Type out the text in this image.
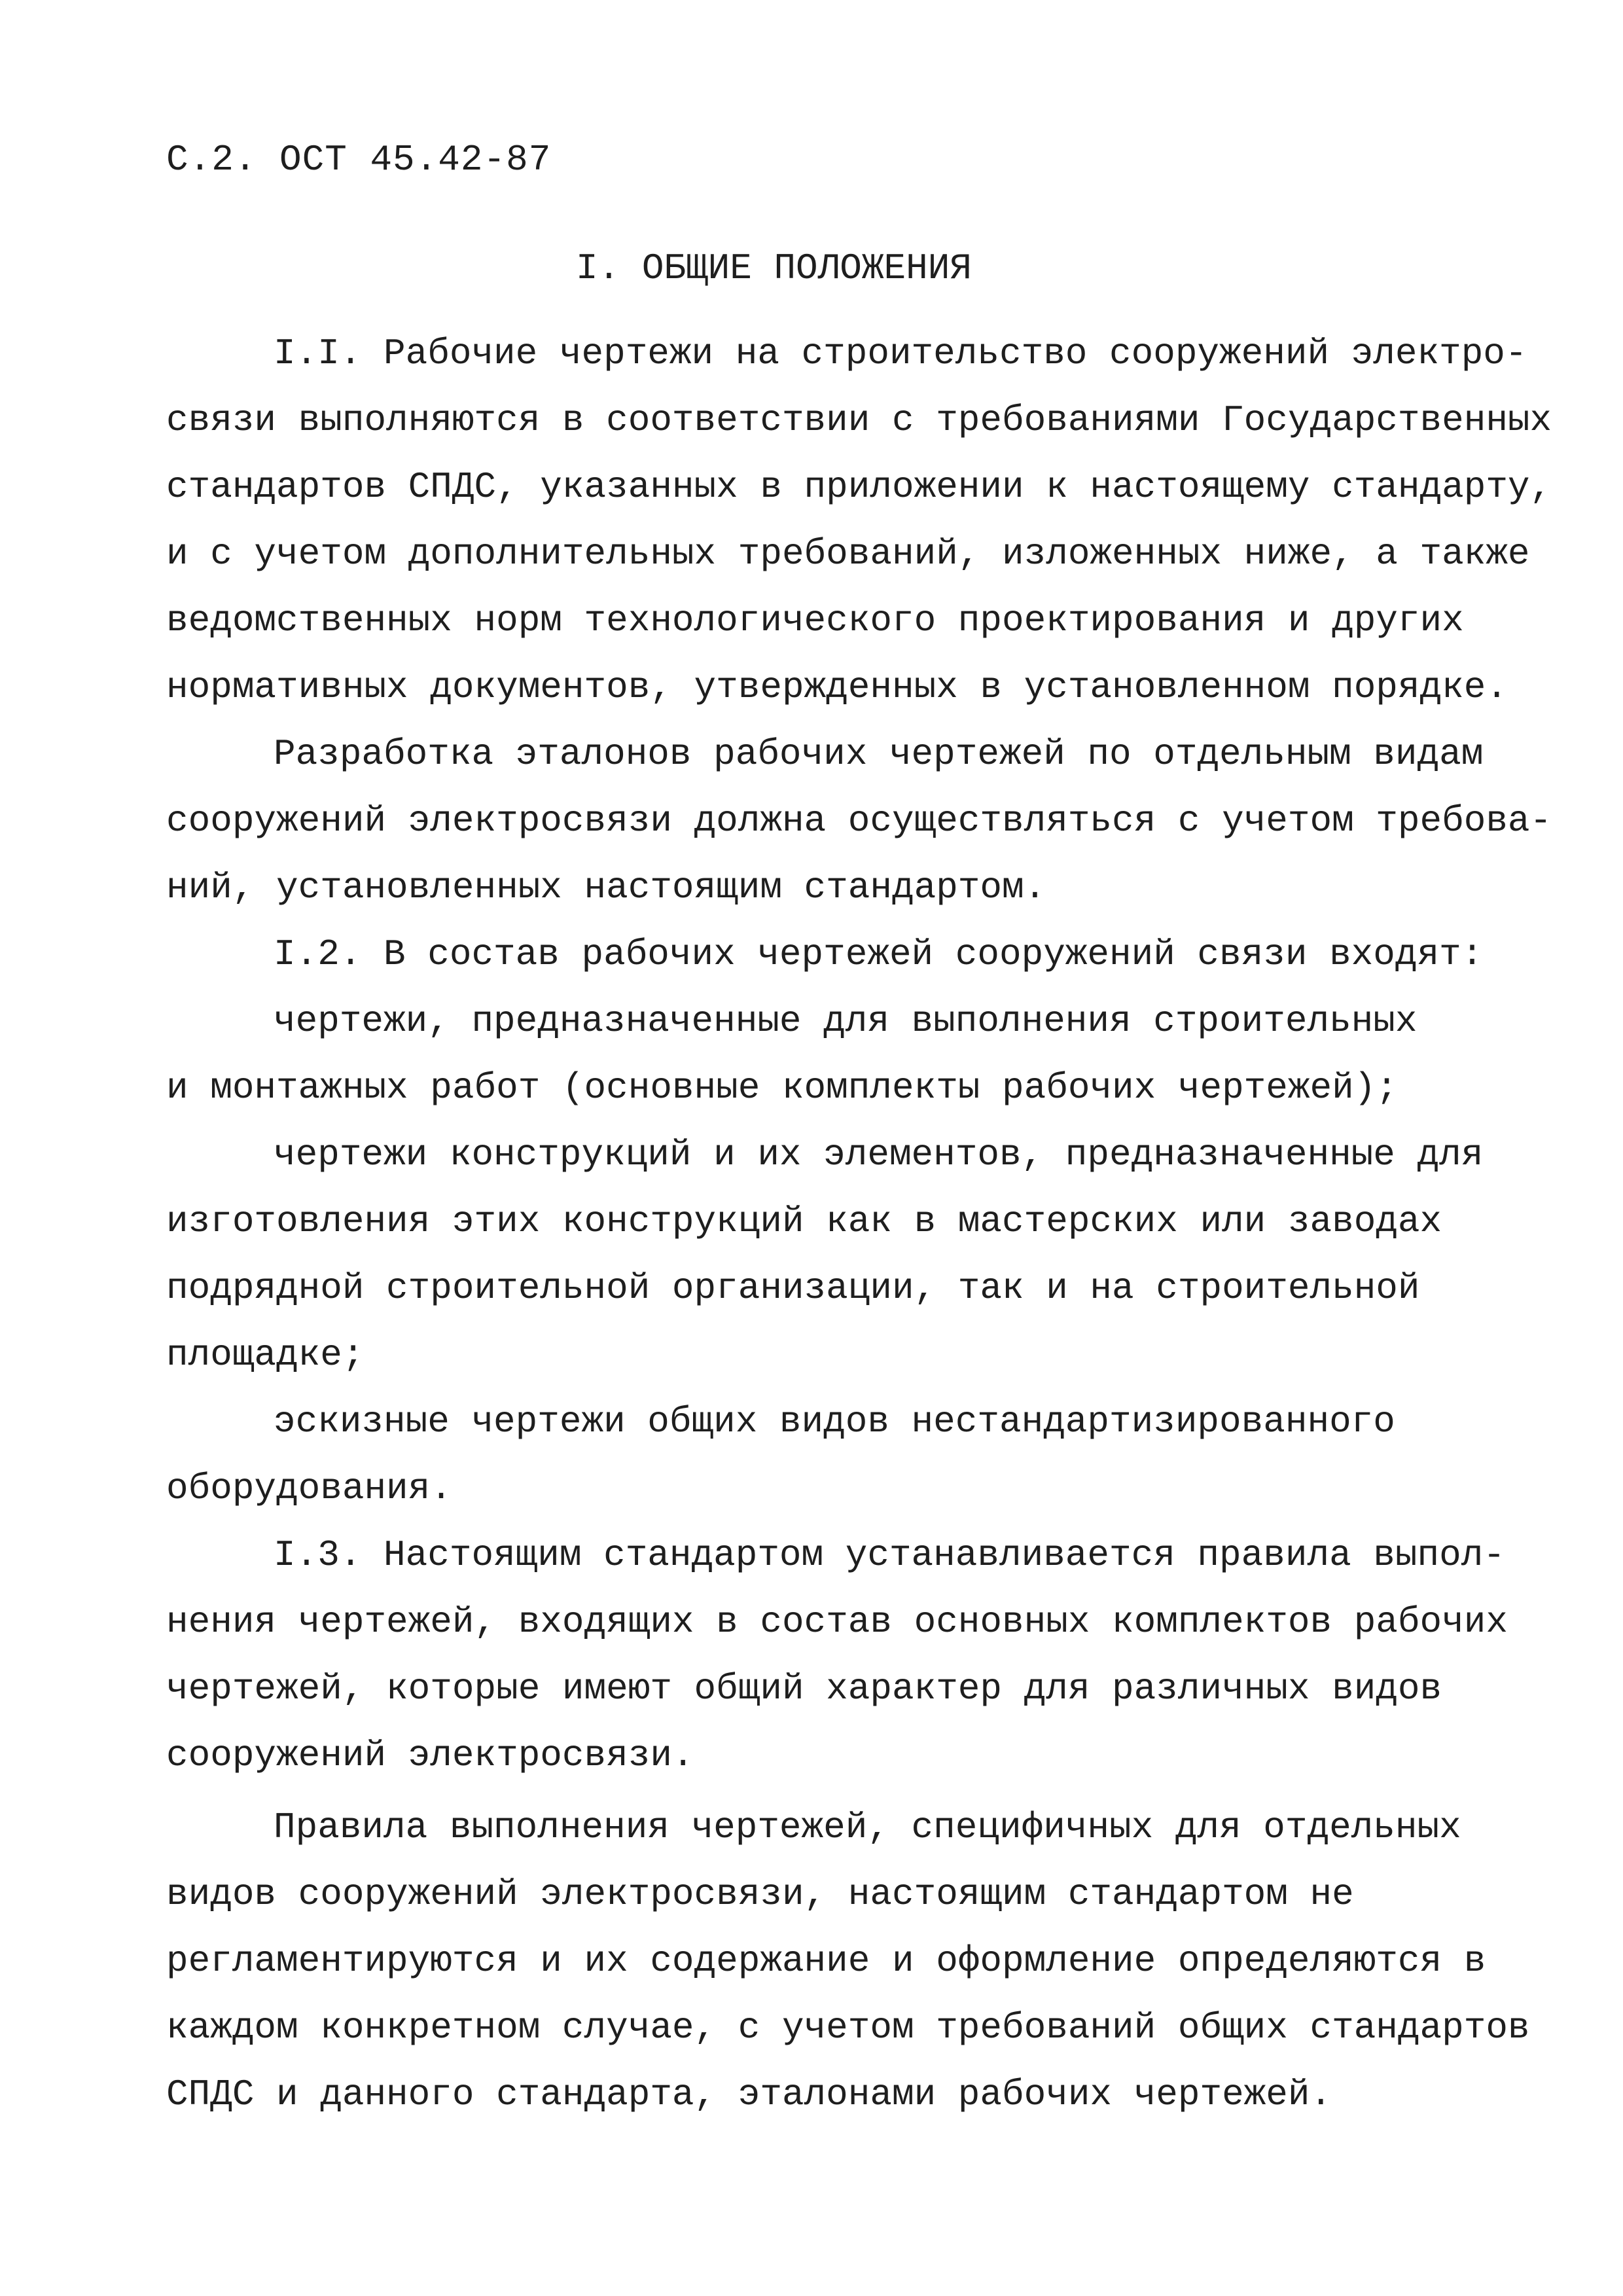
С.2. ОСТ 45.42-87
I. ОБЩИЕ ПОЛОЖЕНИЯ
I.I. Рабочие чертежи на строительство сооружений электро-
связи выполняются в соответствии с требованиями Государственных
стандартов СПДС, указанных в приложении к настоящему стандарту,
и с учетом дополнительных требований, изложенных ниже, а также
ведомственных норм технологического проектирования и других
нормативных документов, утвержденных в установленном порядке.
Разработка эталонов рабочих чертежей по отдельным видам
сооружений электросвязи должна осуществляться с учетом требова-
ний, установленных настоящим стандартом.
I.2. В состав рабочих чертежей сооружений связи входят:
чертежи, предназначенные для выполнения строительных
и монтажных работ (основные комплекты рабочих чертежей);
чертежи конструкций и их элементов, предназначенные для
изготовления этих конструкций как в мастерских или заводах
подрядной строительной организации, так и на строительной
площадке;
эскизные чертежи общих видов нестандартизированного
оборудования.
I.3. Настоящим стандартом устанавливается правила выпол-
нения чертежей, входящих в состав основных комплектов рабочих
чертежей, которые имеют общий характер для различных видов
сооружений электросвязи.
Правила выполнения чертежей, специфичных для отдельных
видов сооружений электросвязи, настоящим стандартом не
регламентируются и их содержание и оформление определяются в
каждом конкретном случае, с учетом требований общих стандартов
СПДС и данного стандарта, эталонами рабочих чертежей.
